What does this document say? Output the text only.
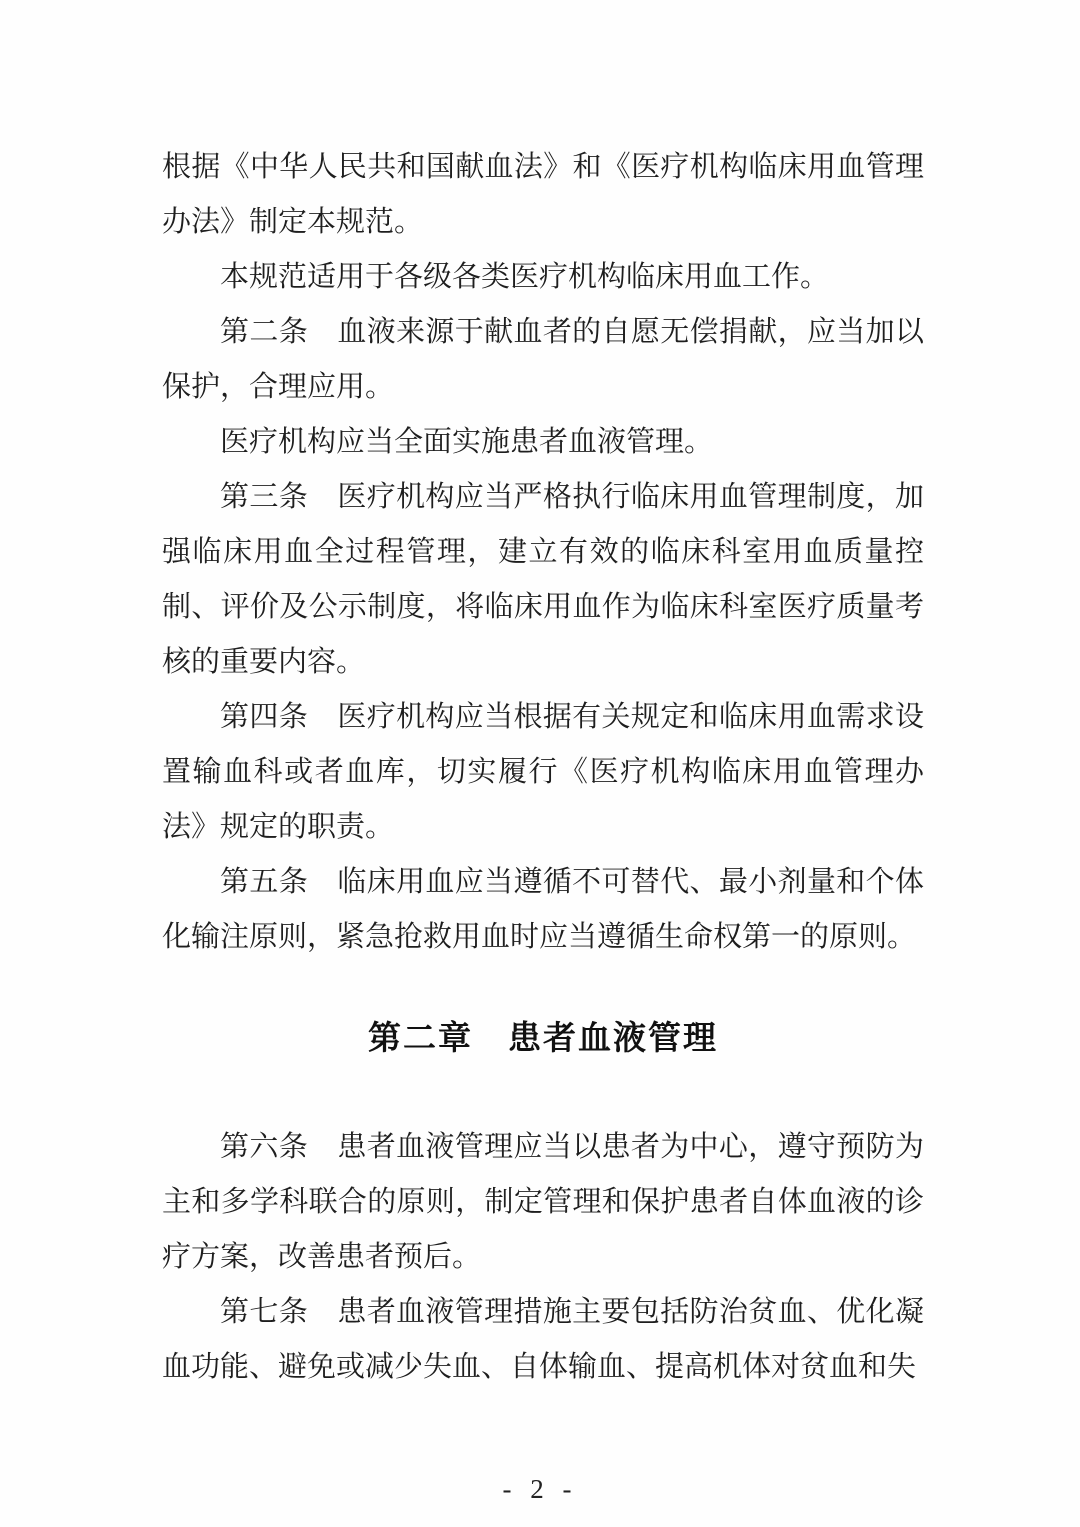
根据《中华人民共和国献血法》和《医疗机构临床用血管理办法》制定本规范。

本规范适用于各级各类医疗机构临床用血工作。

第二条　血液来源于献血者的自愿无偿捐献，应当加以保护，合理应用。

医疗机构应当全面实施患者血液管理。

第三条　医疗机构应当严格执行临床用血管理制度，加强临床用血全过程管理，建立有效的临床科室用血质量控制、评价及公示制度，将临床用血作为临床科室医疗质量考核的重要内容。

第四条　医疗机构应当根据有关规定和临床用血需求设置输血科或者血库，切实履行《医疗机构临床用血管理办法》规定的职责。

第五条　临床用血应当遵循不可替代、最小剂量和个体化输注原则，紧急抢救用血时应当遵循生命权第一的原则。

第二章　患者血液管理

第六条　患者血液管理应当以患者为中心，遵守预防为主和多学科联合的原则，制定管理和保护患者自体血液的诊疗方案，改善患者预后。

第七条　患者血液管理措施主要包括防治贫血、优化凝血功能、避免或减少失血、自体输血、提高机体对贫血和失

- 2 -
